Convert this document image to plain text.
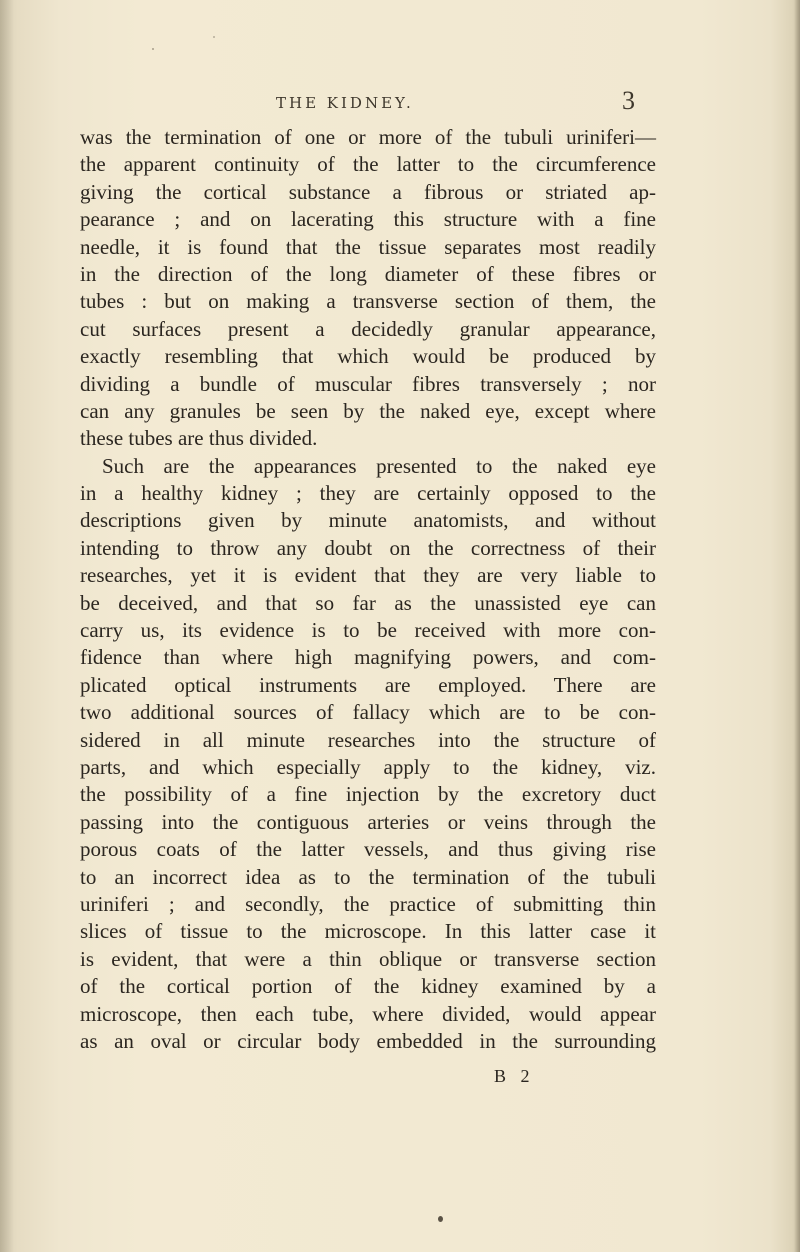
THE KIDNEY.	3
was the termination of one or more of the tubuli uriniferi—
the apparent continuity of the latter to the circumference
giving the cortical substance a fibrous or striated ap-
pearance ; and on lacerating this structure with a fine
needle, it is found that the tissue separates most readily
in the direction of the long diameter of these fibres or
tubes : but on making a transverse section of them, the
cut surfaces present a decidedly granular appearance,
exactly resembling that which would be produced by
dividing a bundle of muscular fibres transversely ; nor
can any granules be seen by the naked eye, except where
these tubes are thus divided.
Such are the appearances presented to the naked eye
in a healthy kidney ; they are certainly opposed to the
descriptions given by minute anatomists, and without
intending to throw any doubt on the correctness of their
researches, yet it is evident that they are very liable to
be deceived, and that so far as the unassisted eye can
carry us, its evidence is to be received with more con-
fidence than where high magnifying powers, and com-
plicated optical instruments are employed. There are
two additional sources of fallacy which are to be con-
sidered in all minute researches into the structure of
parts, and which especially apply to the kidney, viz.
the possibility of a fine injection by the excretory duct
passing into the contiguous arteries or veins through the
porous coats of the latter vessels, and thus giving rise
to an incorrect idea as to the termination of the tubuli
uriniferi ; and secondly, the practice of submitting thin
slices of tissue to the microscope. In this latter case it
is evident, that were a thin oblique or transverse section
of the cortical portion of the kidney examined by a
microscope, then each tube, where divided, would appear
as an oval or circular body embedded in the surrounding
B 2
